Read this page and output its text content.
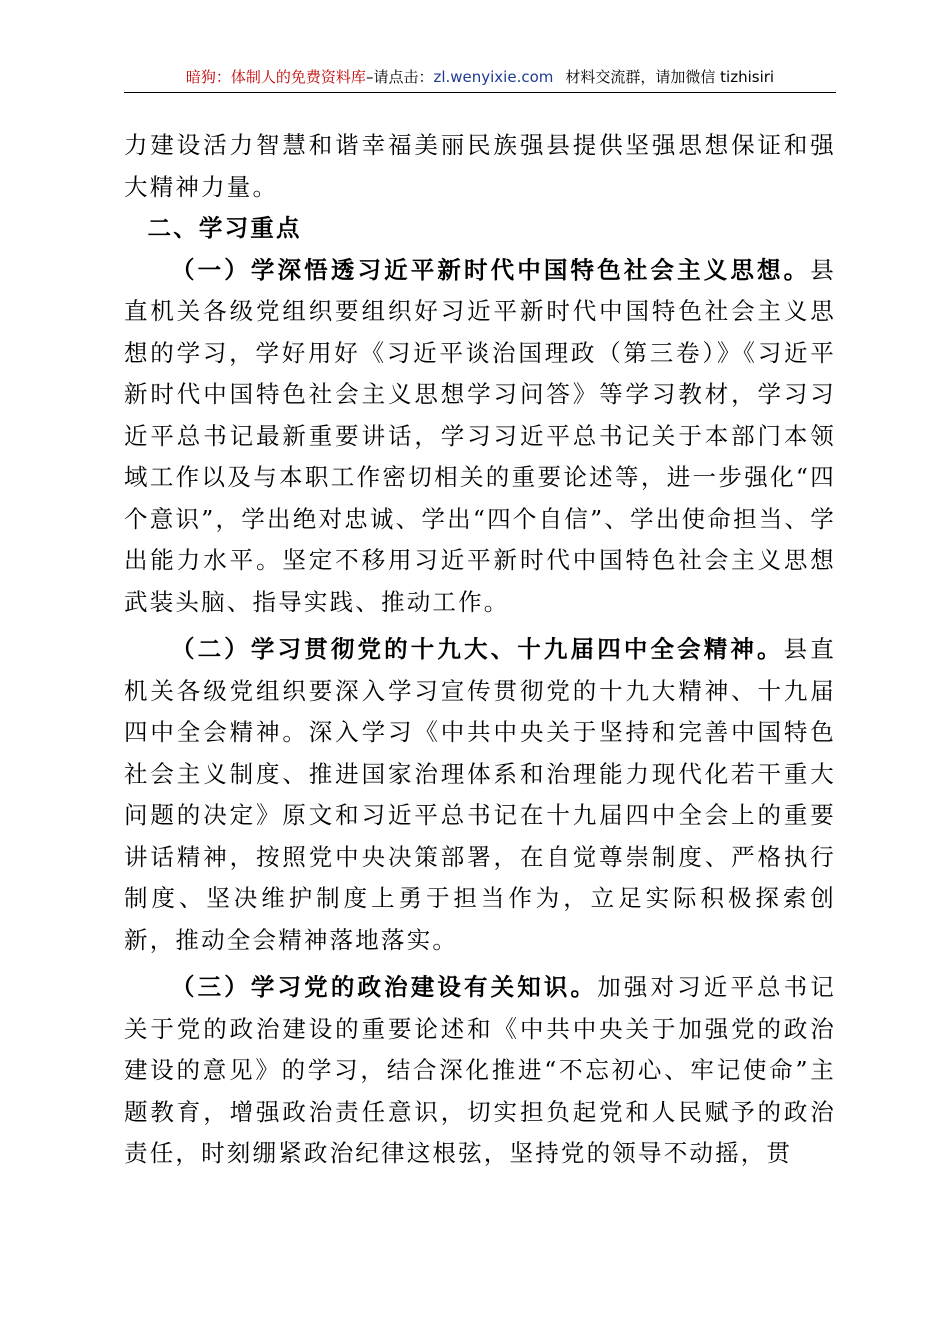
暗狗：体制人的免费资料库–请点击：zl.wenyixie.com 材料交流群，请加微信 tizhisiri

力建设活力智慧和谐幸福美丽民族强县提供坚强思想保证和强大精神力量。

二、学习重点

（一）学深悟透习近平新时代中国特色社会主义思想。县直机关各级党组织要组织好习近平新时代中国特色社会主义思想的学习，学好用好《习近平谈治国理政（第三卷）》《习近平新时代中国特色社会主义思想学习问答》等学习教材，学习习近平总书记最新重要讲话，学习习近平总书记关于本部门本领域工作以及与本职工作密切相关的重要论述等，进一步强化“四个意识”，学出绝对忠诚、学出“四个自信”、学出使命担当、学出能力水平。坚定不移用习近平新时代中国特色社会主义思想武装头脑、指导实践、推动工作。

（二）学习贯彻党的十九大、十九届四中全会精神。县直机关各级党组织要深入学习宣传贯彻党的十九大精神、十九届四中全会精神。深入学习《中共中央关于坚持和完善中国特色社会主义制度、推进国家治理体系和治理能力现代化若干重大问题的决定》原文和习近平总书记在十九届四中全会上的重要讲话精神，按照党中央决策部署，在自觉尊崇制度、严格执行制度、坚决维护制度上勇于担当作为，立足实际积极探索创新，推动全会精神落地落实。

（三）学习党的政治建设有关知识。加强对习近平总书记关于党的政治建设的重要论述和《中共中央关于加强党的政治建设的意见》的学习，结合深化推进“不忘初心、牢记使命”主题教育，增强政治责任意识，切实担负起党和人民赋予的政治责任，时刻绷紧政治纪律这根弦，坚持党的领导不动摇，贯
